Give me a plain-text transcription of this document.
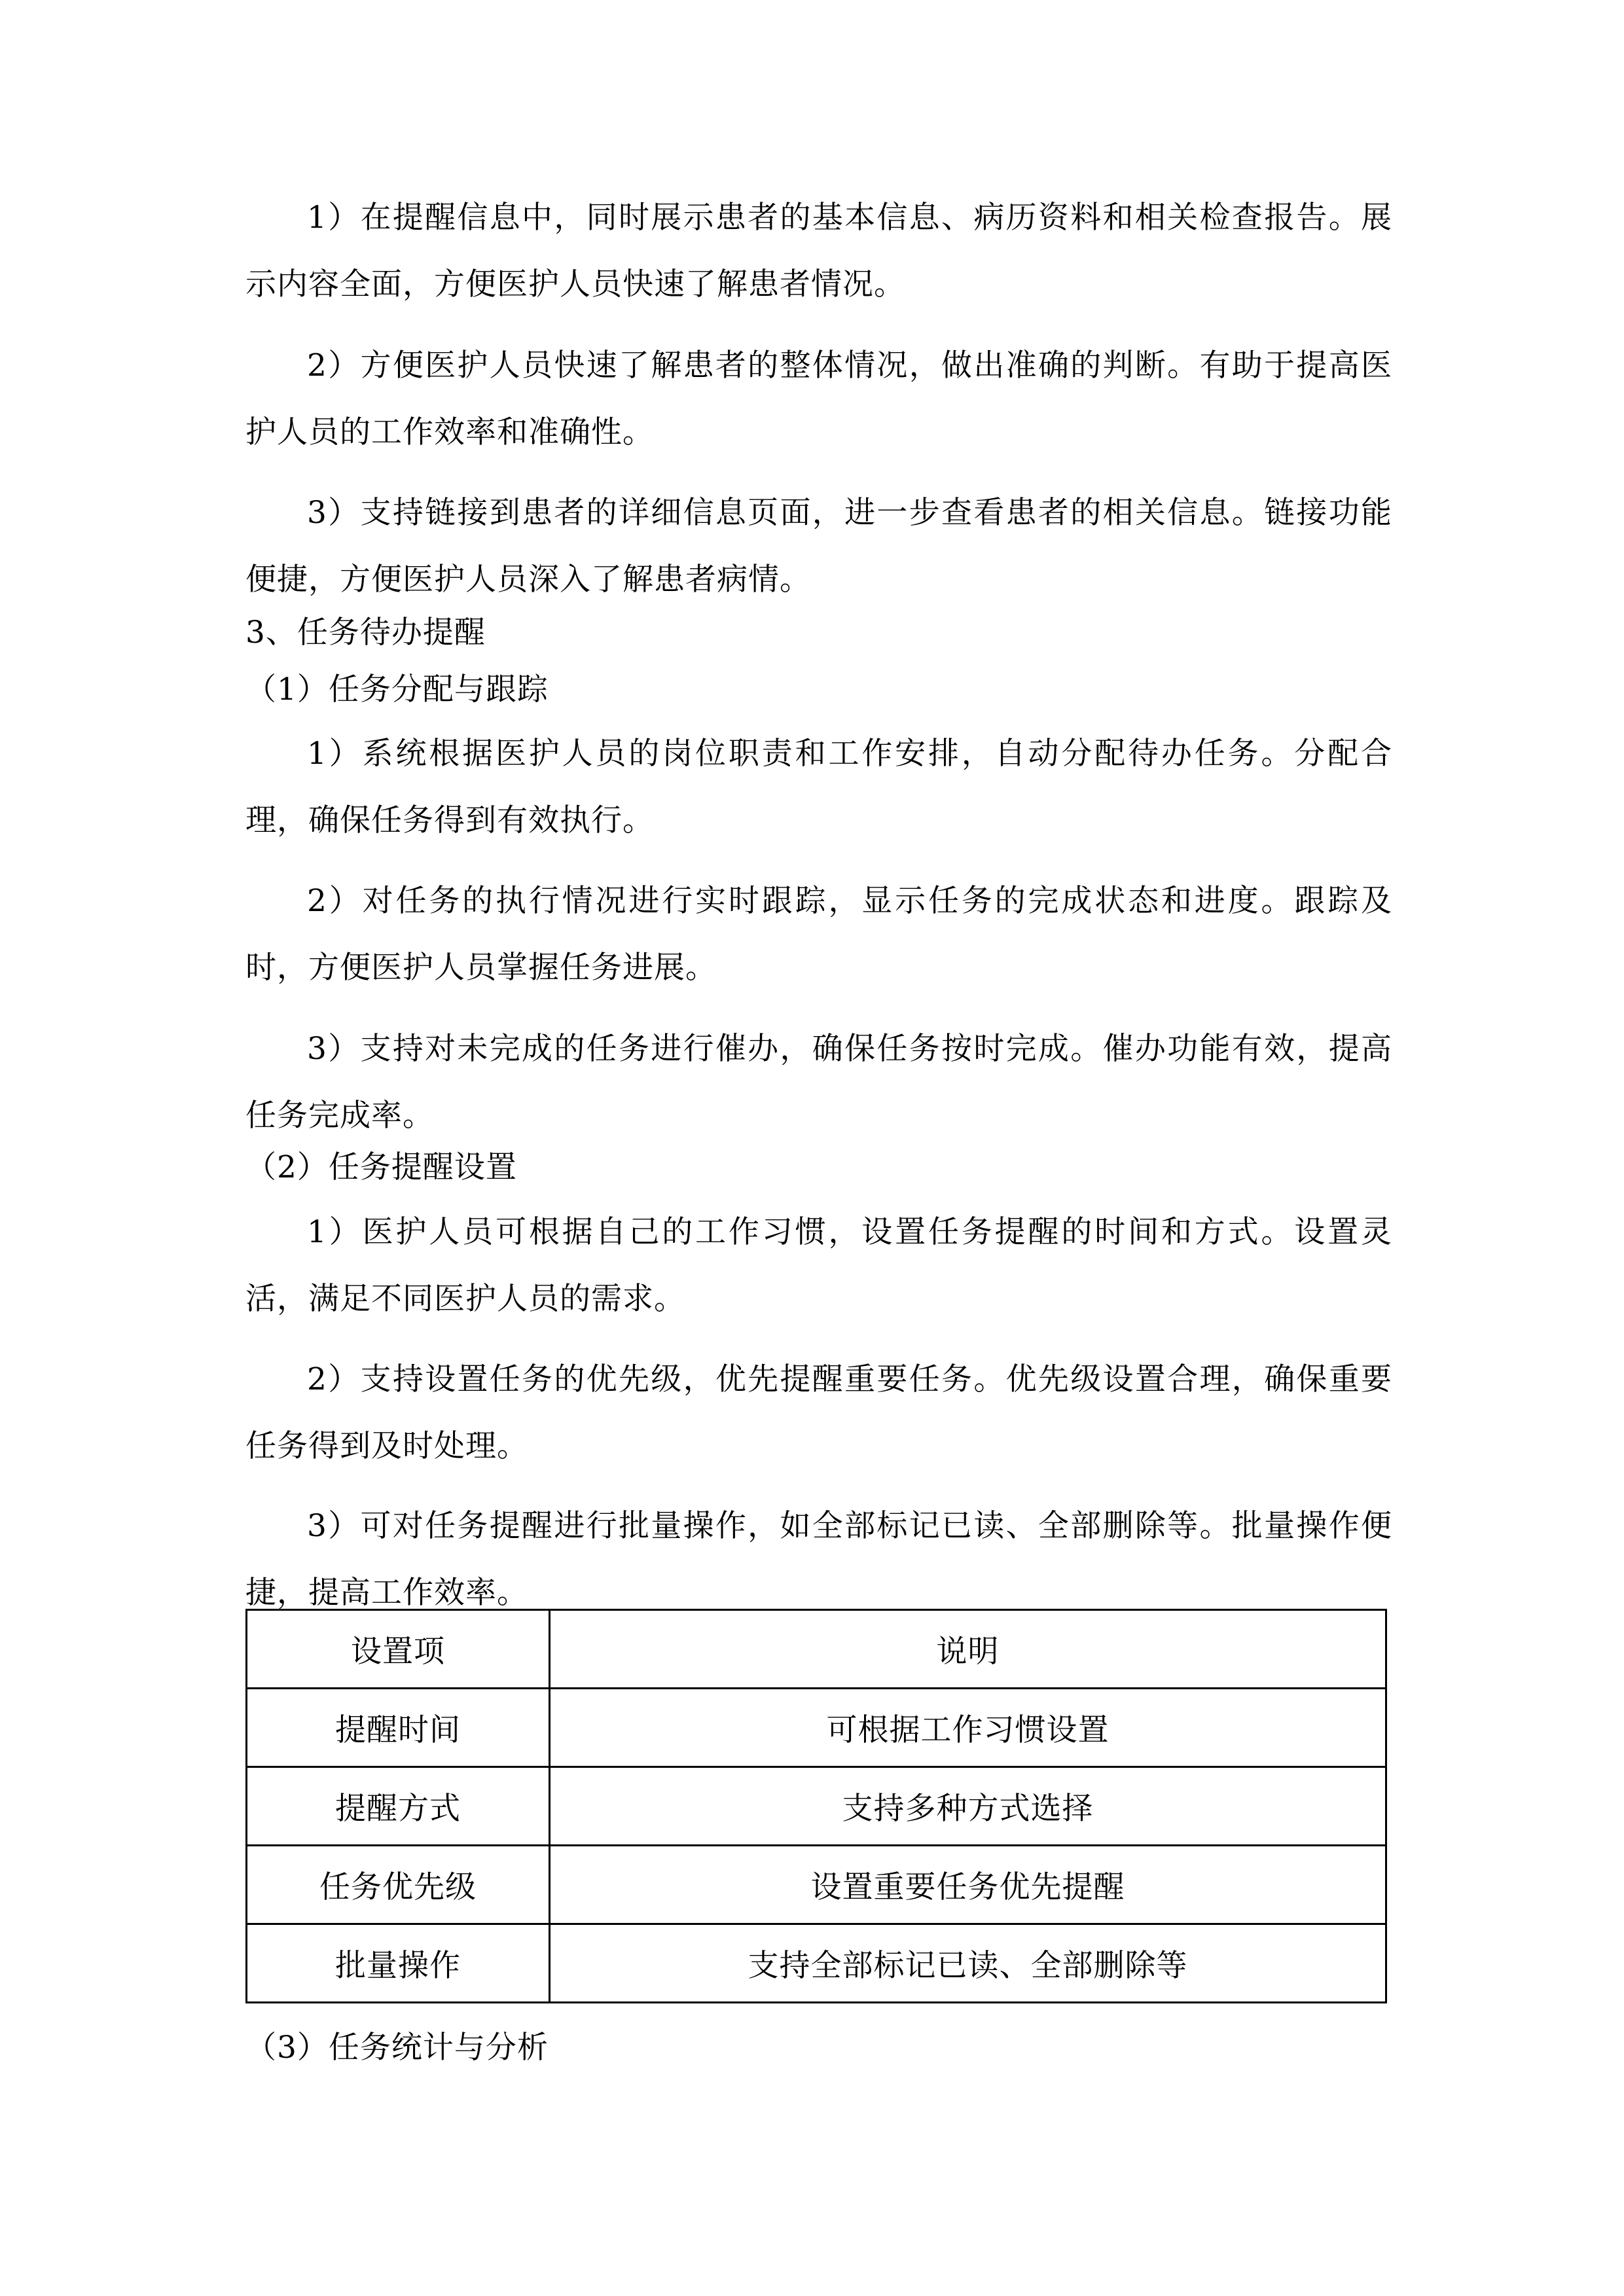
1）在提醒信息中，同时展示患者的基本信息、病历资料和相关检查报告。展示内容全面，方便医护人员快速了解患者情况。

2）方便医护人员快速了解患者的整体情况，做出准确的判断。有助于提高医护人员的工作效率和准确性。

3）支持链接到患者的详细信息页面，进一步查看患者的相关信息。链接功能便捷，方便医护人员深入了解患者病情。

3、任务待办提醒
（1）任务分配与跟踪

1）系统根据医护人员的岗位职责和工作安排，自动分配待办任务。分配合理，确保任务得到有效执行。

2）对任务的执行情况进行实时跟踪，显示任务的完成状态和进度。跟踪及时，方便医护人员掌握任务进展。

3）支持对未完成的任务进行催办，确保任务按时完成。催办功能有效，提高任务完成率。

（2）任务提醒设置

1）医护人员可根据自己的工作习惯，设置任务提醒的时间和方式。设置灵活，满足不同医护人员的需求。

2）支持设置任务的优先级，优先提醒重要任务。优先级设置合理，确保重要任务得到及时处理。

3）可对任务提醒进行批量操作，如全部标记已读、全部删除等。批量操作便捷，提高工作效率。

设置项	说明
提醒时间	可根据工作习惯设置
提醒方式	支持多种方式选择
任务优先级	设置重要任务优先提醒
批量操作	支持全部标记已读、全部删除等
（3）任务统计与分析
